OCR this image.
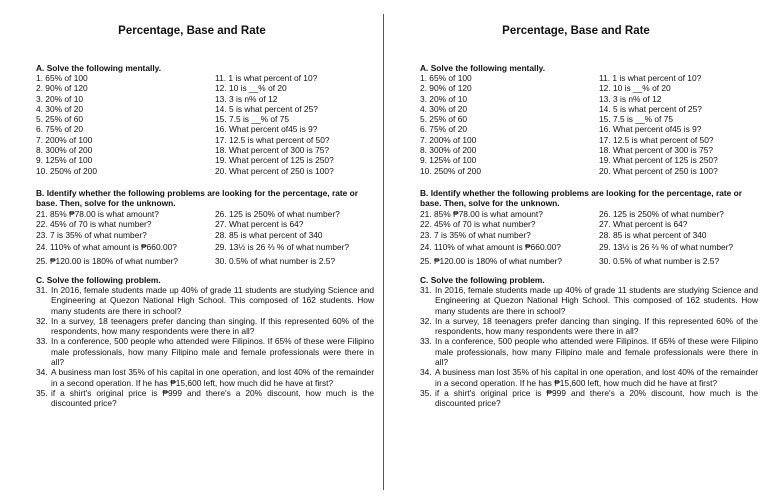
Percentage, Base and Rate
A. Solve the following mentally.
1. 65% of 100
2. 90% of 120
3. 20% of 10
4. 30% of 20
5. 25% of 60
6. 75% of 20
7. 200% of 100
8. 300% of 200
9. 125% of 100
10. 250% of 200
11. 1 is what percent of 10?
12. 10 is __% of 20
13. 3 is n% of 12
14. 5 is what percent of 25?
15. 7.5 is __% of 75
16. What percent of45 is 9?
17. 12.5 is what percent of 50?
18. What percent of 300 is 75?
19. What percent of 125 is 250?
20. What percent of 250 is 100?
B. Identify whether the following problems are looking for the percentage, rate or base. Then, solve for the unknown.
21. 85% ₱78.00 is what amount?
22. 45% of 70 is what number?
23. 7 is 35% of what number?
24. 110% of what amount is ₱660.00?
25. ₱120.00 is 180% of what number?
26. 125 is 250% of what number?
27. What percent is 64?
28. 85 is what percent of 340
29. 13½ is 26 ⅔ % of what number?
30. 0.5% of what number is 2.5?
C. Solve the following problem.
31. In 2016, female students made up 40% of grade 11 students are studying Science and Engineering at Quezon National High School. This composed of 162 students. How many students are there in school?
32. In a survey, 18 teenagers prefer dancing than singing. If this represented 60% of the respondents, how many respondents were there in all?
33. In a conference, 500 people who attended were Filipinos. If 65% of these were Filipino male professionals, how many Filipino male and female professionals were there in all?
34. A business man lost 35% of his capital in one operation, and lost 40% of the remainder in a second operation. If he has ₱15,600 left, how much did he have at first?
35. if a shirt's original price is ₱999 and there's a 20% discount, how much is the discounted price?
Percentage, Base and Rate
A. Solve the following mentally.
1. 65% of 100
2. 90% of 120
3. 20% of 10
4. 30% of 20
5. 25% of 60
6. 75% of 20
7. 200% of 100
8. 300% of 200
9. 125% of 100
10. 250% of 200
11. 1 is what percent of 10?
12. 10 is __% of 20
13. 3 is n% of 12
14. 5 is what percent of 25?
15. 7.5 is __% of 75
16. What percent of45 is 9?
17. 12.5 is what percent of 50?
18. What percent of 300 is 75?
19. What percent of 125 is 250?
20. What percent of 250 is 100?
B. Identify whether the following problems are looking for the percentage, rate or base. Then, solve for the unknown.
21. 85% ₱78.00 is what amount?
22. 45% of 70 is what number?
23. 7 is 35% of what number?
24. 110% of what amount is ₱660.00?
25. ₱120.00 is 180% of what number?
26. 125 is 250% of what number?
27. What percent is 64?
28. 85 is what percent of 340
29. 13½ is 26 ⅔ % of what number?
30. 0.5% of what number is 2.5?
C. Solve the following problem.
31. In 2016, female students made up 40% of grade 11 students are studying Science and Engineering at Quezon National High School. This composed of 162 students. How many students are there in school?
32. In a survey, 18 teenagers prefer dancing than singing. If this represented 60% of the respondents, how many respondents were there in all?
33. In a conference, 500 people who attended were Filipinos. If 65% of these were Filipino male professionals, how many Filipino male and female professionals were there in all?
34. A business man lost 35% of his capital in one operation, and lost 40% of the remainder in a second operation. If he has ₱15,600 left, how much did he have at first?
35. if a shirt's original price is ₱999 and there's a 20% discount, how much is the discounted price?
